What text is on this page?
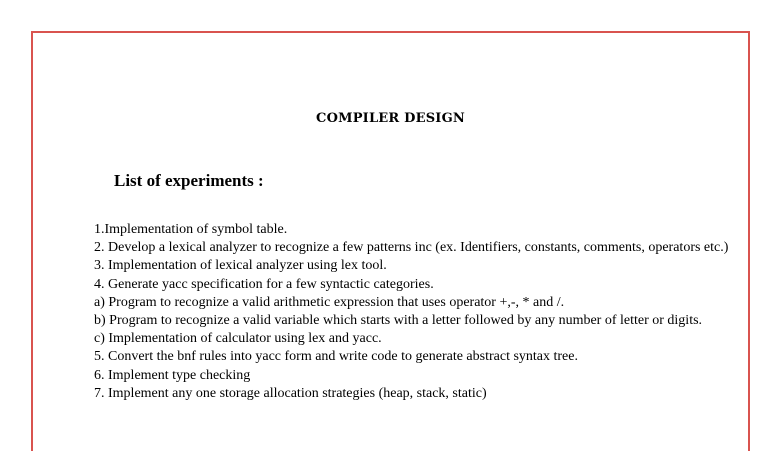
COMPILER DESIGN
List of experiments :
1.Implementation of symbol table.
2. Develop a lexical analyzer to recognize a few patterns inc (ex. Identifiers, constants, comments, operators etc.)
3. Implementation of lexical analyzer using lex tool.
4. Generate yacc specification for a few syntactic categories.
a) Program to recognize a valid arithmetic expression that uses operator +,-, * and /.
b) Program to recognize a valid variable which starts with a letter followed by any number of letter or digits.
c) Implementation of calculator using lex and yacc.
5. Convert the bnf rules into yacc form and write code to generate abstract syntax tree.
6. Implement type checking
7. Implement any one storage allocation strategies (heap, stack, static)
